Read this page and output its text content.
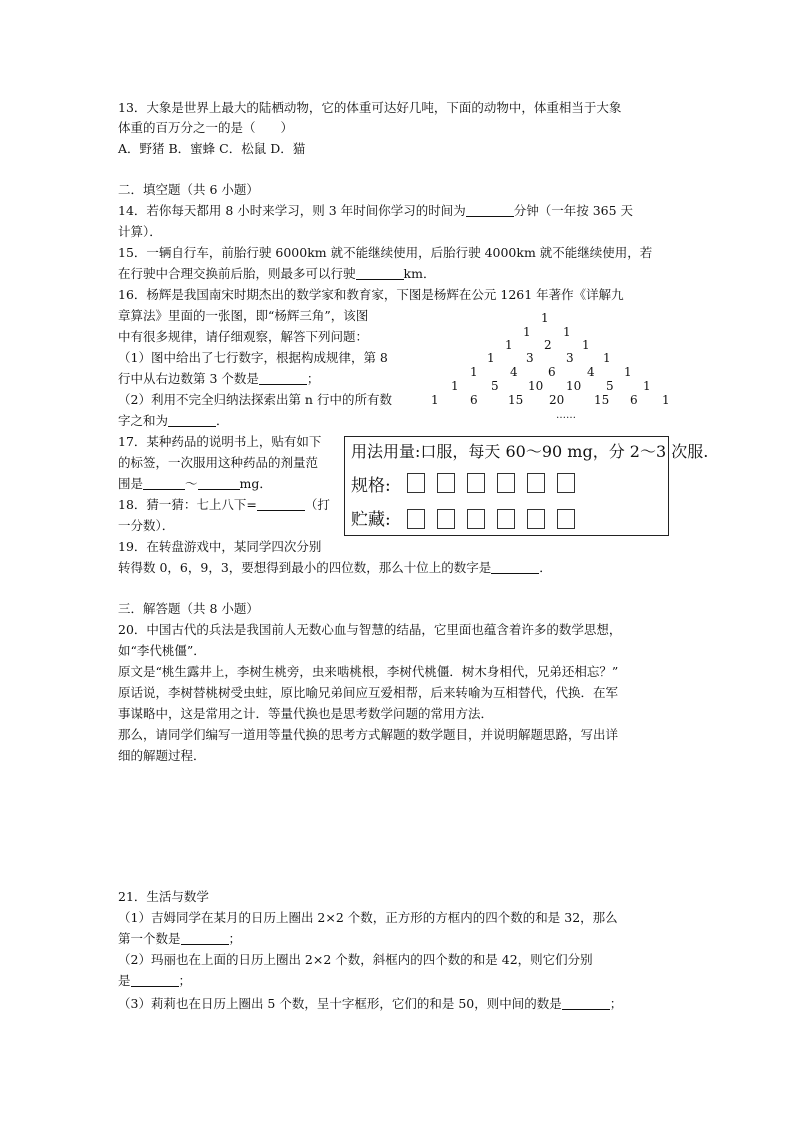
13．大象是世界上最大的陆栖动物，它的体重可达好几吨，下面的动物中，体重相当于大象
体重的百万分之一的是（　　）
A．野猪 B．蜜蜂 C．松鼠 D．猫
二．填空题（共 6 小题）
14．若你每天都用 8 小时来学习，则 3 年时间你学习的时间为	分钟（一年按 365 天
计算）．
15．一辆自行车，前胎行驶 6000km 就不能继续使用，后胎行驶 4000km 就不能继续使用，若
在行驶中合理交换前后胎，则最多可以行驶	km．
16．杨辉是我国南宋时期杰出的数学家和教育家，下图是杨辉在公元 1261 年著作《详解九
章算法》里面的一张图，即“杨辉三角”，该图
中有很多规律，请仔细观察，解答下列问题：
（1）图中给出了七行数字，根据构成规律，第 8
行中从右边数第 3 个数是	；
（2）利用不完全归纳法探索出第 n 行中的所有数
字之和为	．
1
1	1
1	2	1
1	3	3 1
1	4	6	4 1
1	5 10 10 5 1
1	6	15 20 15 6 1
……
17．某种药品的说明书上，贴有如下
的标签，一次服用这种药品的剂量范
围是	～	mg．
用法用量:口服，每天 60～90 mg，分 2～3 次服.
规格:
贮藏:
18．猜一猜：七上八下=	（打
一分数）．
19．在转盘游戏中，某同学四次分别
转得数 0，6，9，3，要想得到最小的四位数，那么十位上的数字是	．
三．解答题（共 8 小题）
20．中国古代的兵法是我国前人无数心血与智慧的结晶，它里面也蕴含着许多的数学思想，
如“李代桃僵”．
原文是“桃生露井上，李树生桃旁，虫来啮桃根，李树代桃僵．树木身相代，兄弟还相忘？”
原话说，李树替桃树受虫蛀，原比喻兄弟间应互爱相帮，后来转喻为互相替代，代换．在军
事谋略中，这是常用之计．等量代换也是思考数学问题的常用方法．
那么，请同学们编写一道用等量代换的思考方式解题的数学题目，并说明解题思路，写出详
细的解题过程．
21．生活与数学
（1）吉姆同学在某月的日历上圈出 2×2 个数，正方形的方框内的四个数的和是 32，那么
第一个数是	；
（2）玛丽也在上面的日历上圈出 2×2 个数，斜框内的四个数的和是 42，则它们分别
是	；
（3）莉莉也在日历上圈出 5 个数，呈十字框形，它们的和是 50，则中间的数是	；
